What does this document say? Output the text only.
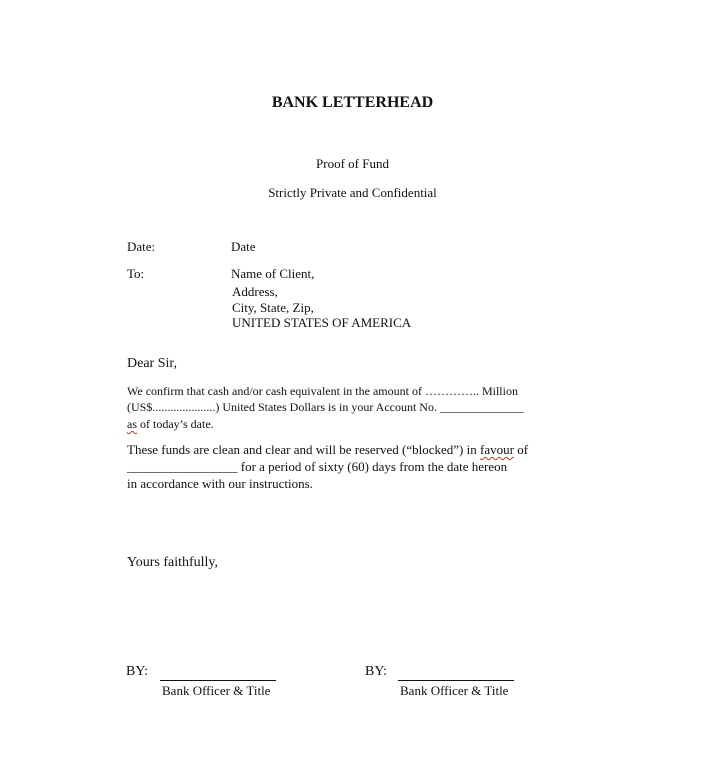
BANK LETTERHEAD
Proof of Fund
Strictly Private and Confidential
Date:	Date
To:	Name of Client,
Address,
City, State, Zip,
UNITED STATES OF AMERICA
Dear Sir,
We confirm that cash and/or cash equivalent in the amount of ………….. Million
(US$.....................) United States Dollars is in your Account No. ______________
as of today’s date.
These funds are clean and clear and will be reserved (“blocked”) in favour of
_________________ for a period of sixty (60) days from the date hereon
in accordance with our instructions.
Yours faithfully,
BY:
Bank Officer & Title
BY:
Bank Officer & Title
